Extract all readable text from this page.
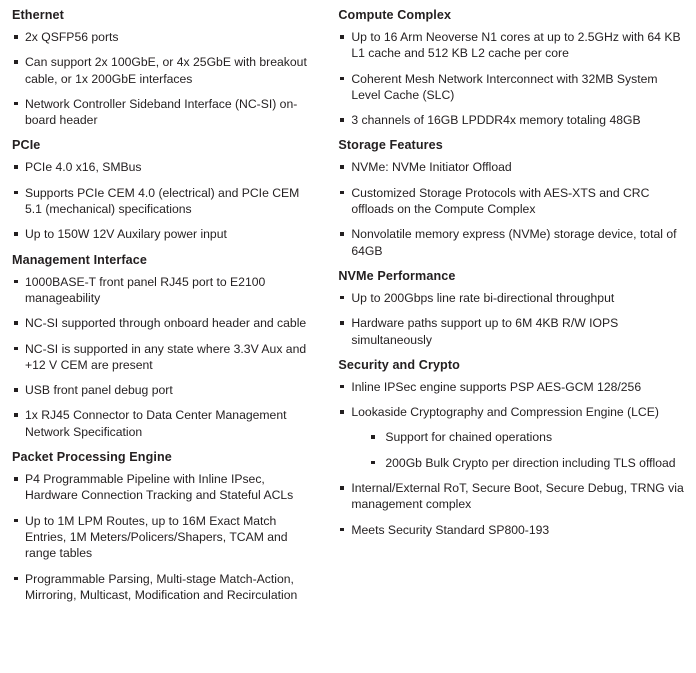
Ethernet
2x QSFP56 ports
Can support 2x 100GbE, or 4x 25GbE with breakout cable, or 1x 200GbE interfaces
Network Controller Sideband Interface (NC-SI) on-board header
PCIe
PCIe 4.0 x16, SMBus
Supports PCIe CEM 4.0 (electrical) and PCIe CEM 5.1 (mechanical) specifications
Up to 150W 12V Auxilary power input
Management Interface
1000BASE-T front panel RJ45 port to E2100 manageability
NC-SI supported through onboard header and cable
NC-SI is supported in any state where 3.3V Aux and +12 V CEM are present
USB front panel debug port
1x RJ45 Connector to Data Center Management Network Specification
Packet Processing Engine
P4 Programmable Pipeline with Inline IPsec, Hardware Connection Tracking and Stateful ACLs
Up to 1M LPM Routes, up to 16M Exact Match Entries, 1M Meters/Policers/Shapers, TCAM and range tables
Programmable Parsing, Multi-stage Match-Action, Mirroring, Multicast, Modification and Recirculation
Compute Complex
Up to 16 Arm Neoverse N1 cores at up to 2.5GHz with 64 KB L1 cache and 512 KB L2 cache per core
Coherent Mesh Network Interconnect with 32MB System Level Cache (SLC)
3 channels of 16GB LPDDR4x memory totaling 48GB
Storage Features
NVMe: NVMe Initiator Offload
Customized Storage Protocols with AES-XTS and CRC offloads on the Compute Complex
Nonvolatile memory express (NVMe) storage device, total of 64GB
NVMe Performance
Up to 200Gbps line rate bi-directional throughput
Hardware paths support up to 6M 4KB R/W IOPS simultaneously
Security and Crypto
Inline IPSec engine supports PSP AES-GCM 128/256
Lookaside Cryptography and Compression Engine (LCE)
Support for chained operations
200Gb Bulk Crypto per direction including TLS offload
Internal/External RoT, Secure Boot, Secure Debug, TRNG via management complex
Meets Security Standard SP800-193
